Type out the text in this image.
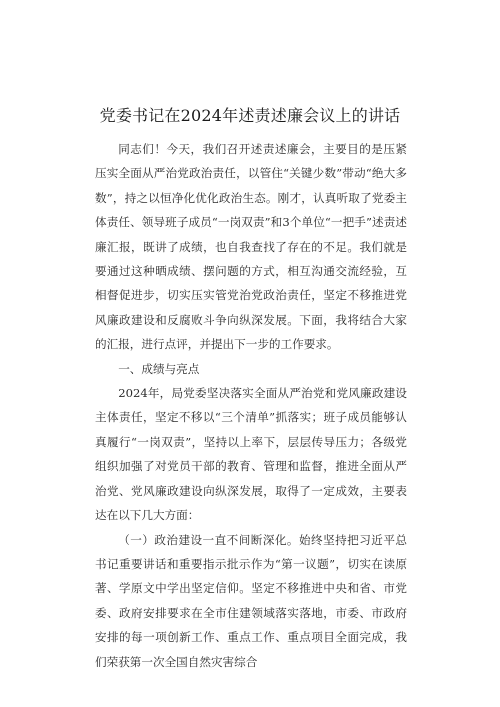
党委书记在2024年述责述廉会议上的讲话

同志们！今天，我们召开述责述廉会，主要目的是压紧压实全面从严治党政治责任，以管住“关键少数”带动“绝大多数”，持之以恒净化优化政治生态。刚才，认真听取了党委主体责任、领导班子成员“一岗双责”和3个单位“一把手”述责述廉汇报，既讲了成绩，也自我查找了存在的不足。我们就是要通过这种晒成绩、摆问题的方式，相互沟通交流经验，互相督促进步，切实压实管党治党政治责任，坚定不移推进党风廉政建设和反腐败斗争向纵深发展。下面，我将结合大家的汇报，进行点评，并提出下一步的工作要求。

一、成绩与亮点

2024年，局党委坚决落实全面从严治党和党风廉政建设主体责任，坚定不移以“三个清单”抓落实；班子成员能够认真履行“一岗双责”，坚持以上率下，层层传导压力；各级党组织加强了对党员干部的教育、管理和监督，推进全面从严治党、党风廉政建设向纵深发展，取得了一定成效，主要表达在以下几大方面：

（一）政治建设一直不间断深化。始终坚持把习近平总书记重要讲话和重要指示批示作为“第一议题”，切实在读原著、学原文中学出坚定信仰。坚定不移推进中央和省、市党委、政府安排要求在全市住建领域落实落地，市委、市政府安排的每一项创新工作、重点工作、重点项目全面完成，我们荣获第一次全国自然灾害综合
